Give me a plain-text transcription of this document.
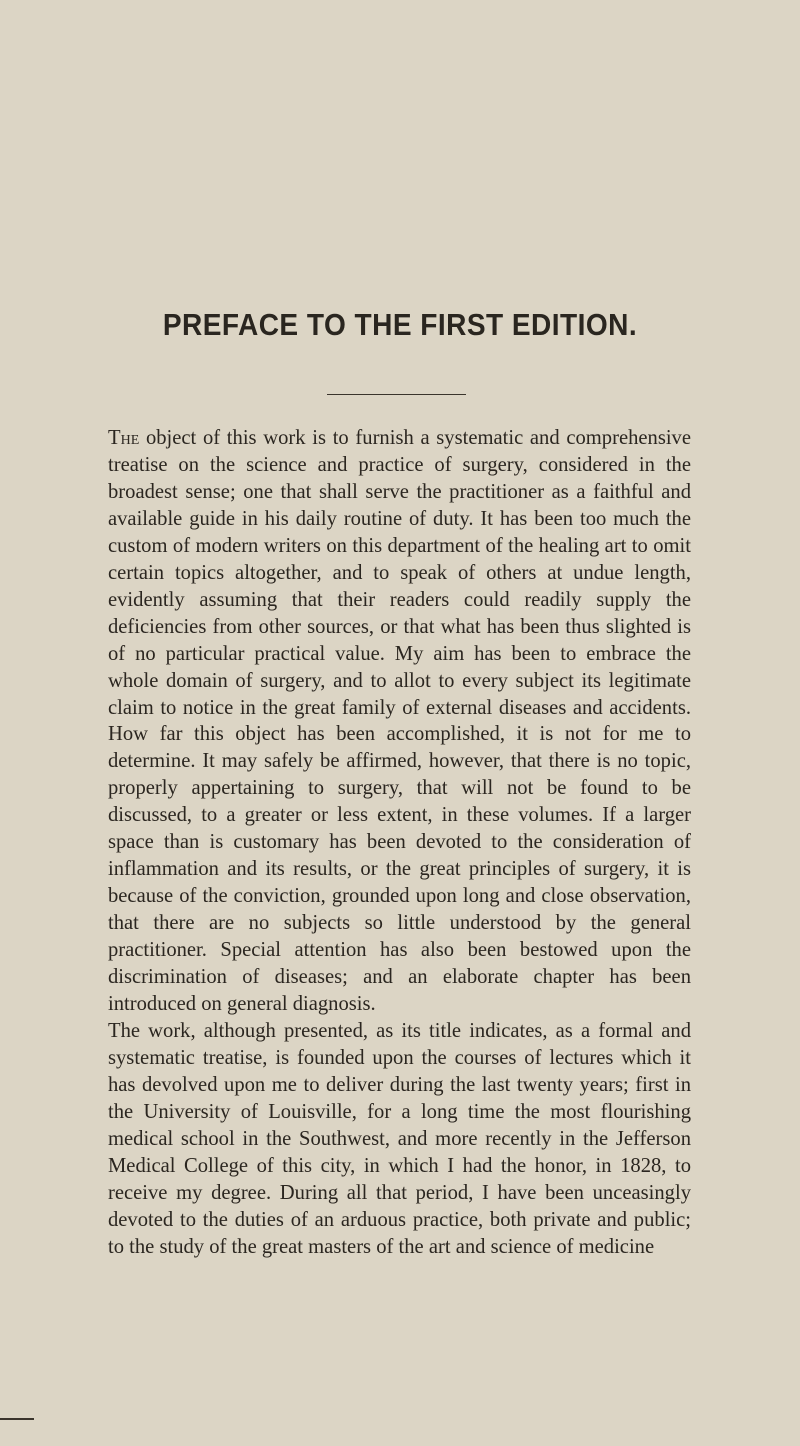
PREFACE TO THE FIRST EDITION.

The object of this work is to furnish a systematic and comprehensive treatise on the science and practice of surgery, considered in the broadest sense; one that shall serve the practitioner as a faithful and available guide in his daily routine of duty. It has been too much the custom of modern writers on this department of the healing art to omit certain topics altogether, and to speak of others at undue length, evidently assuming that their readers could readily supply the deficiencies from other sources, or that what has been thus slighted is of no particular practical value. My aim has been to embrace the whole domain of surgery, and to allot to every subject its legitimate claim to notice in the great family of external diseases and accidents. How far this object has been accomplished, it is not for me to determine. It may safely be affirmed, however, that there is no topic, properly appertaining to surgery, that will not be found to be discussed, to a greater or less extent, in these volumes. If a larger space than is customary has been devoted to the consideration of inflammation and its results, or the great principles of surgery, it is because of the conviction, grounded upon long and close observation, that there are no subjects so little understood by the general practitioner. Special attention has also been bestowed upon the discrimination of diseases; and an elaborate chapter has been introduced on general diagnosis.

The work, although presented, as its title indicates, as a formal and systematic treatise, is founded upon the courses of lectures which it has devolved upon me to deliver during the last twenty years; first in the University of Louisville, for a long time the most flourishing medical school in the Southwest, and more recently in the Jefferson Medical College of this city, in which I had the honor, in 1828, to receive my degree. During all that period, I have been unceasingly devoted to the duties of an arduous practice, both private and public; to the study of the great masters of the art and science of medicine
